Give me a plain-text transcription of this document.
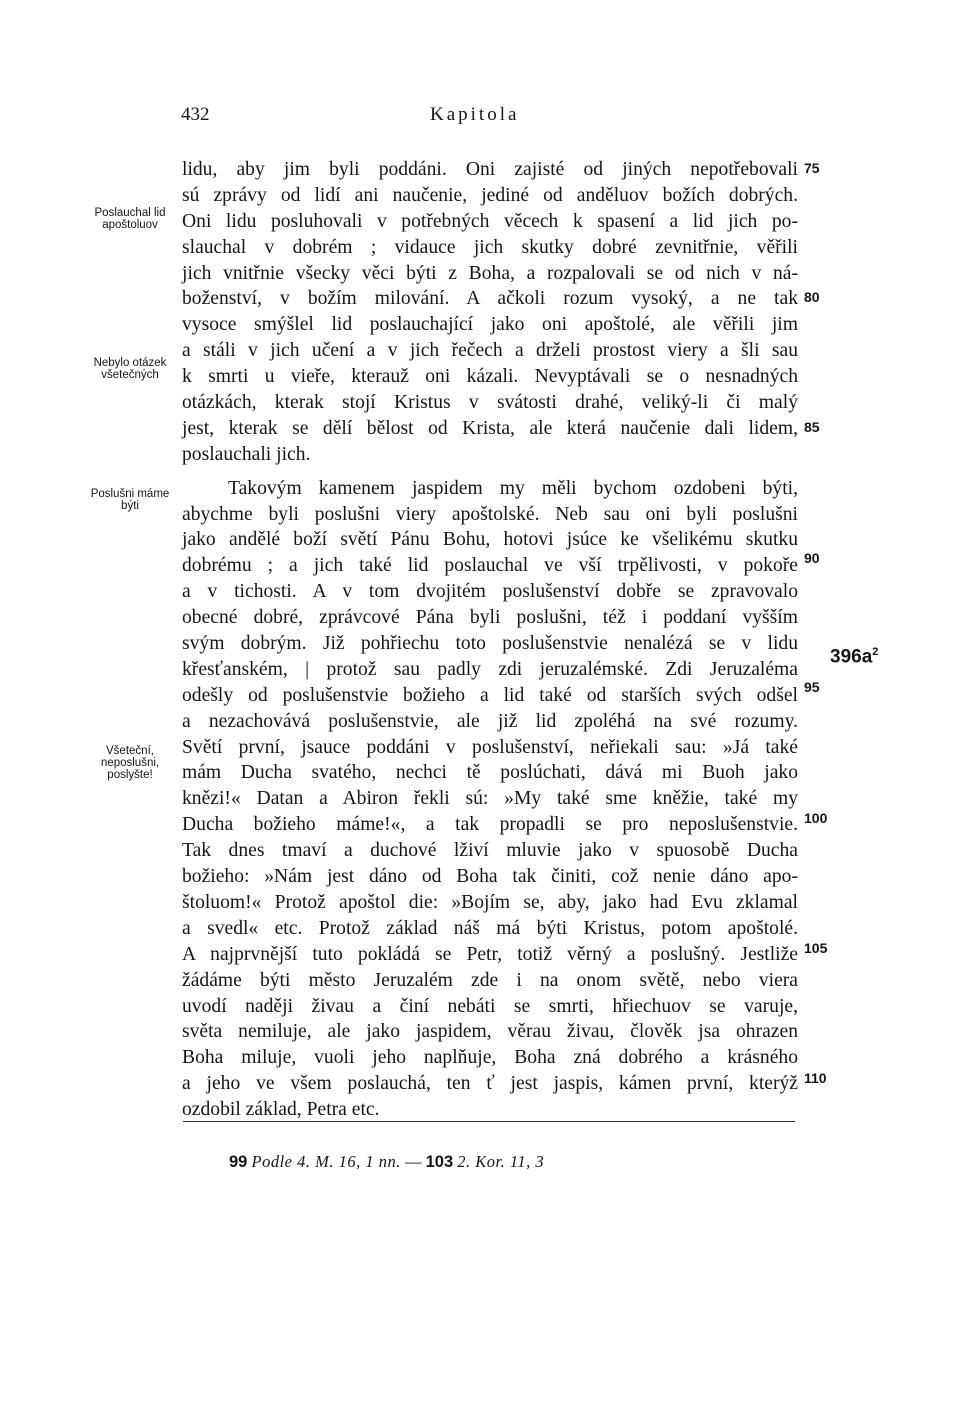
432	Kapitola
Poslauchal lid apoštoluov
Nebylo otázek všetečných
Poslušni máme býti
Všeteční, neposlušni, poslyšte!
lidu, aby jim byli poddáni. Oni zajisté od jiných nepotřebovali
sú zprávy od lidí ani naučenie, jediné od anděluov božích dobrých.
Oni lidu posluhovali v potřebných věcech k spasení a lid jich po-
slauchal v dobrém ; vidauce jich skutky dobré zevnitřnie, věřili
jich vnitřnie všecky věci býti z Boha, a rozpalovali se od nich v ná-
boženství, v božím milování. A ačkoli rozum vysoký, a ne tak
vysoce smýšlel lid poslauchající jako oni apoštolé, ale věřili jim
a stáli v jich učení a v jich řečech a drželi prostost viery a šli sau
k smrti u vieře, kterauž oni kázali. Nevyptávali se o nesnadných
otázkách, kterak stojí Kristus v svátosti drahé, veliký-li či malý
jest, kterak se dělí bělost od Krista, ale která naučenie dali lidem,
poslauchali jich.
Takovým kamenem jaspidem my měli bychom ozdobeni býti,
abychme byli poslušni viery apoštolské. Neb sau oni byli poslušni
jako andělé boží světí Pánu Bohu, hotovi jsúce ke všelikému skutku
dobrému ; a jich také lid poslauchal ve vší trpělivosti, v pokoře
a v tichosti. A v tom dvojitém poslušenství dobře se zpravovalo
obecné dobré, zprávcové Pána byli poslušni, též i poddaní vyšším
svým dobrým. Již pohřiechu toto poslušenstvie nenalézá se v lidu
křesťanském, | protož sau padly zdi jeruzalémské. Zdi Jeruzaléma
odešly od poslušenstvie božieho a lid také od starších svých odšel
a nezachovává poslušenstvie, ale již lid zpoléhá na své rozumy.
Světí první, jsauce poddáni v poslušenství, neřiekali sau: »Já také
mám Ducha svatého, nechci tě poslúchati, dává mi Buoh jako
knězi!« Datan a Abiron řekli sú: »My také sme kněžie, také my
Ducha božieho máme!«, a tak propadli se pro neposlušenstvie.
Tak dnes tmaví a duchové lživí mluvie jako v spuosobě Ducha
božieho: »Nám jest dáno od Boha tak činiti, což nenie dáno apo-
štoluom!« Protož apoštol die: »Bojím se, aby, jako had Evu zklamal
a svedl« etc. Protož základ náš má býti Kristus, potom apoštolé.
A najprvnější tuto pokládá se Petr, totiž věrný a poslušný. Jestliže
žádáme býti město Jeruzalém zde i na onom světě, nebo viera
uvodí naději živau a činí nebáti se smrti, hřiechuov se varuje,
světa nemiluje, ale jako jaspidem, věrau živau, člověk jsa ohrazen
Boha miluje, vuoli jeho naplňuje, Boha zná dobrého a krásného
a jeho ve všem poslauchá, ten ť jest jaspis, kámen první, kterýž
ozdobil základ, Petra etc.
75
80
85
90
95
100
105
110
$396a^2$
99 Podle 4. M. 16, 1 nn. — 103 2. Kor. 11, 3
